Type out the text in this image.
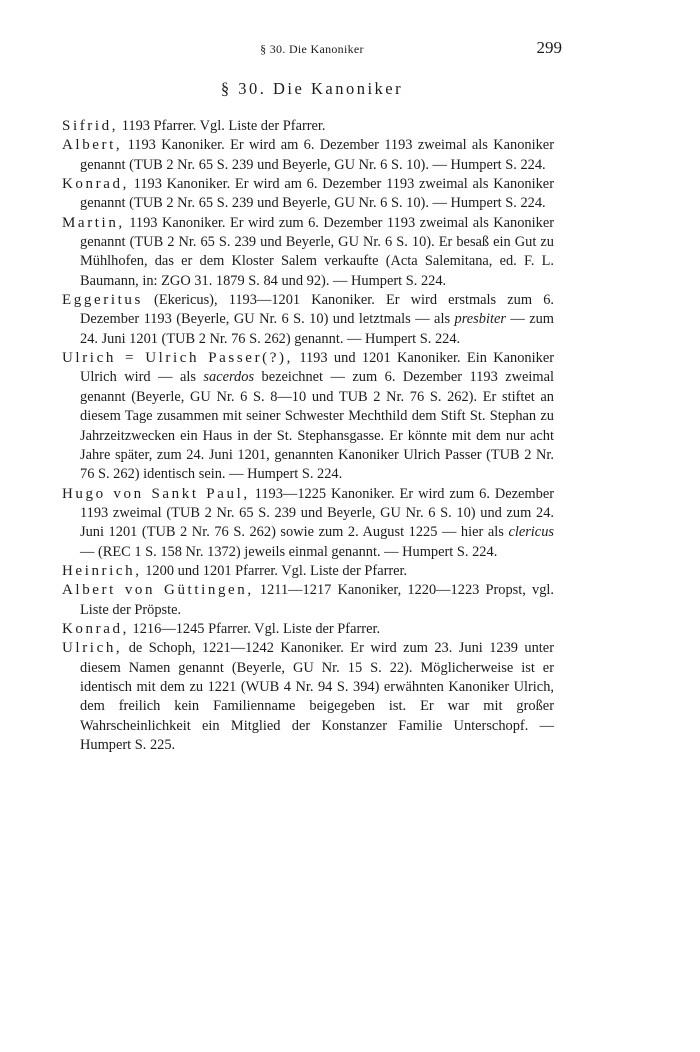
§ 30. Die Kanoniker	299
§ 30. Die Kanoniker

Sifrid, 1193 Pfarrer. Vgl. Liste der Pfarrer.

Albert, 1193 Kanoniker. Er wird am 6. Dezember 1193 zweimal als Kanoniker genannt (TUB 2 Nr. 65 S. 239 und Beyerle, GU Nr. 6 S. 10). — Humpert S. 224.

Konrad, 1193 Kanoniker. Er wird am 6. Dezember 1193 zweimal als Kanoniker genannt (TUB 2 Nr. 65 S. 239 und Beyerle, GU Nr. 6 S. 10). — Humpert S. 224.

Martin, 1193 Kanoniker. Er wird zum 6. Dezember 1193 zweimal als Kanoniker genannt (TUB 2 Nr. 65 S. 239 und Beyerle, GU Nr. 6 S. 10). Er besaß ein Gut zu Mühlhofen, das er dem Kloster Salem verkaufte (Acta Salemitana, ed. F. L. Baumann, in: ZGO 31. 1879 S. 84 und 92). — Humpert S. 224.

Eggeritus (Ekericus), 1193—1201 Kanoniker. Er wird erstmals zum 6. Dezember 1193 (Beyerle, GU Nr. 6 S. 10) und letztmals — als presbiter — zum 24. Juni 1201 (TUB 2 Nr. 76 S. 262) genannt. — Humpert S. 224.

Ulrich = Ulrich Passer(?), 1193 und 1201 Kanoniker. Ein Kanoniker Ulrich wird — als sacerdos bezeichnet — zum 6. Dezember 1193 zweimal genannt (Beyerle, GU Nr. 6 S. 8—10 und TUB 2 Nr. 76 S. 262). Er stiftet an diesem Tage zusammen mit seiner Schwester Mechthild dem Stift St. Stephan zu Jahrzeitzwecken ein Haus in der St. Stephansgasse. Er könnte mit dem nur acht Jahre später, zum 24. Juni 1201, genannten Kanoniker Ulrich Passer (TUB 2 Nr. 76 S. 262) identisch sein. — Humpert S. 224.

Hugo von Sankt Paul, 1193—1225 Kanoniker. Er wird zum 6. Dezember 1193 zweimal (TUB 2 Nr. 65 S. 239 und Beyerle, GU Nr. 6 S. 10) und zum 24. Juni 1201 (TUB 2 Nr. 76 S. 262) sowie zum 2. August 1225 — hier als clericus — (REC 1 S. 158 Nr. 1372) jeweils einmal genannt. — Humpert S. 224.

Heinrich, 1200 und 1201 Pfarrer. Vgl. Liste der Pfarrer.

Albert von Güttingen, 1211—1217 Kanoniker, 1220—1223 Propst, vgl. Liste der Pröpste.

Konrad, 1216—1245 Pfarrer. Vgl. Liste der Pfarrer.

Ulrich, de Schoph, 1221—1242 Kanoniker. Er wird zum 23. Juni 1239 unter diesem Namen genannt (Beyerle, GU Nr. 15 S. 22). Möglicherweise ist er identisch mit dem zu 1221 (WUB 4 Nr. 94 S. 394) erwähnten Kanoniker Ulrich, dem freilich kein Familienname beigegeben ist. Er war mit großer Wahrscheinlichkeit ein Mitglied der Konstanzer Familie Unterschopf. — Humpert S. 225.
